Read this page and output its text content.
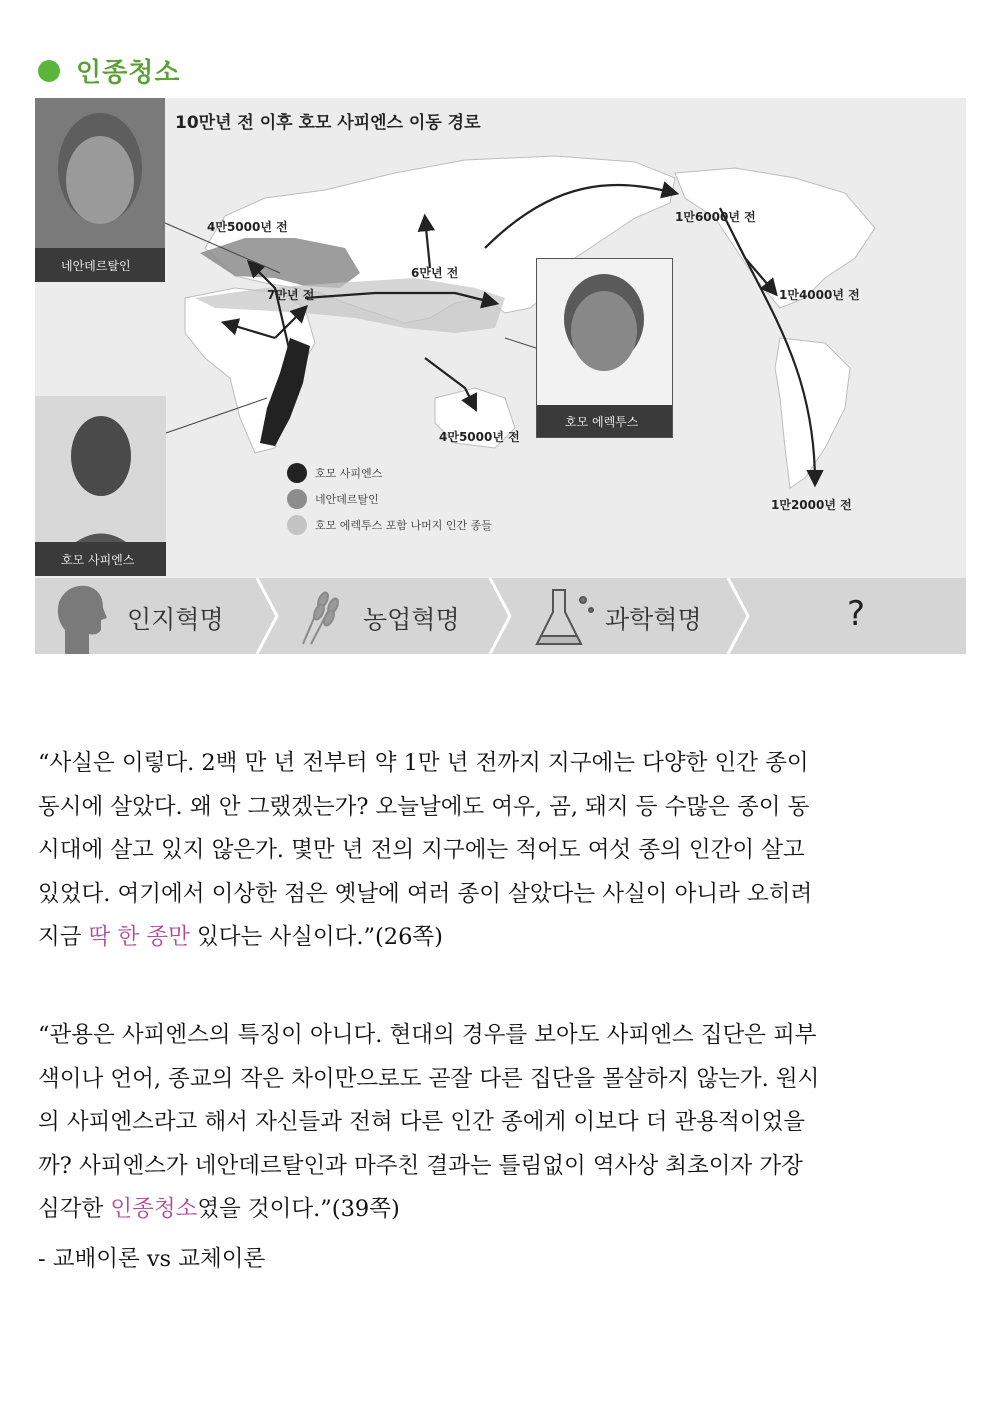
인종청소
10만년 전 이후 호모 사피엔스 이동 경로
4만5000년 전
7만년 전
6만년 전
4만5000년 전
1만6000년 전
1만4000년 전
1만2000년 전
네안데르탈인
호모 사피엔스
호모 에렉투스
호모 사피엔스
네안데르탈인
호모 에렉투스 포함 나머지 인간 종들
인지혁명	농업혁명	과학혁명	?
“사실은 이렇다. 2백 만 년 전부터 약 1만 년 전까지 지구에는 다양한 인간 종이
동시에 살았다. 왜 안 그랬겠는가? 오늘날에도 여우, 곰, 돼지 등 수많은 종이 동
시대에 살고 있지 않은가. 몇만 년 전의 지구에는 적어도 여섯 종의 인간이 살고
있었다. 여기에서 이상한 점은 옛날에 여러 종이 살았다는 사실이 아니라 오히려
지금 딱 한 종만 있다는 사실이다.”(26쪽)
“관용은 사피엔스의 특징이 아니다. 현대의 경우를 보아도 사피엔스 집단은 피부
색이나 언어, 종교의 작은 차이만으로도 곧잘 다른 집단을 몰살하지 않는가. 원시
의 사피엔스라고 해서 자신들과 전혀 다른 인간 종에게 이보다 더 관용적이었을
까? 사피엔스가 네안데르탈인과 마주친 결과는 틀림없이 역사상 최초이자 가장
심각한 인종청소였을 것이다.”(39쪽)
- 교배이론 vs 교체이론
